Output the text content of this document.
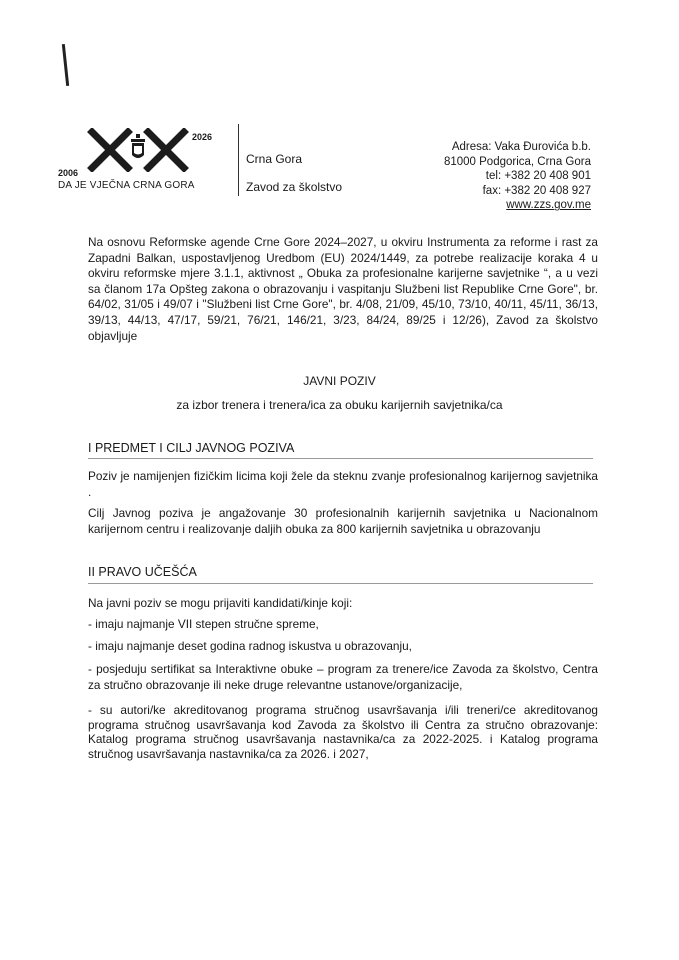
2006
2026
DA JE VJEČNA CRNA GORA
Crna Gora
Zavod za školstvo
Adresa: Vaka Đurovića b.b.
81000 Podgorica, Crna Gora
tel: +382 20 408 901
fax: +382 20 408 927
www.zzs.gov.me
Na osnovu Reformske agende Crne Gore 2024–2027, u okviru Instrumenta za reforme i rast za Zapadni Balkan, uspostavljenog Uredbom (EU) 2024/1449, za potrebe realizacije koraka 4 u okviru reformske mjere 3.1.1, aktivnost „ Obuka za profesionalne karijerne savjetnike “, a u vezi sa članom 17a Opšteg zakona o obrazovanju i vaspitanju Službeni list Republike Crne Gore", br. 64/02, 31/05 i 49/07 i "Službeni list Crne Gore", br. 4/08, 21/09, 45/10, 73/10, 40/11, 45/11, 36/13, 39/13, 44/13, 47/17, 59/21, 76/21, 146/21, 3/23, 84/24, 89/25 i 12/26), Zavod za školstvo objavljuje
JAVNI POZIV
za izbor trenera i trenera/ica za obuku karijernih savjetnika/ca
I PREDMET I CILJ JAVNOG POZIVA
Poziv je namijenjen fizičkim licima koji žele da steknu zvanje profesionalnog karijernog savjetnika .
Cilj Javnog poziva je angažovanje 30 profesionalnih karijernih savjetnika u Nacionalnom karijernom centru i realizovanje daljih obuka za 800 karijernih savjetnika u obrazovanju
II PRAVO UČEŠĆA
Na javni poziv se mogu prijaviti kandidati/kinje koji:
- imaju najmanje VII stepen stručne spreme,
- imaju najmanje deset godina radnog iskustva u obrazovanju,
- posjeduju sertifikat sa Interaktivne obuke – program za trenere/ice Zavoda za školstvo, Centra za stručno obrazovanje ili neke druge relevantne ustanove/organizacije,
- su autori/ke akreditovanog programa stručnog usavršavanja i/ili treneri/ce akreditovanog programa stručnog usavršavanja kod Zavoda za školstvo ili Centra za stručno obrazovanje: Katalog programa stručnog usavršavanja nastavnika/ca za 2022-2025. i Katalog programa stručnog usavršavanja nastavnika/ca za 2026. i 2027,
